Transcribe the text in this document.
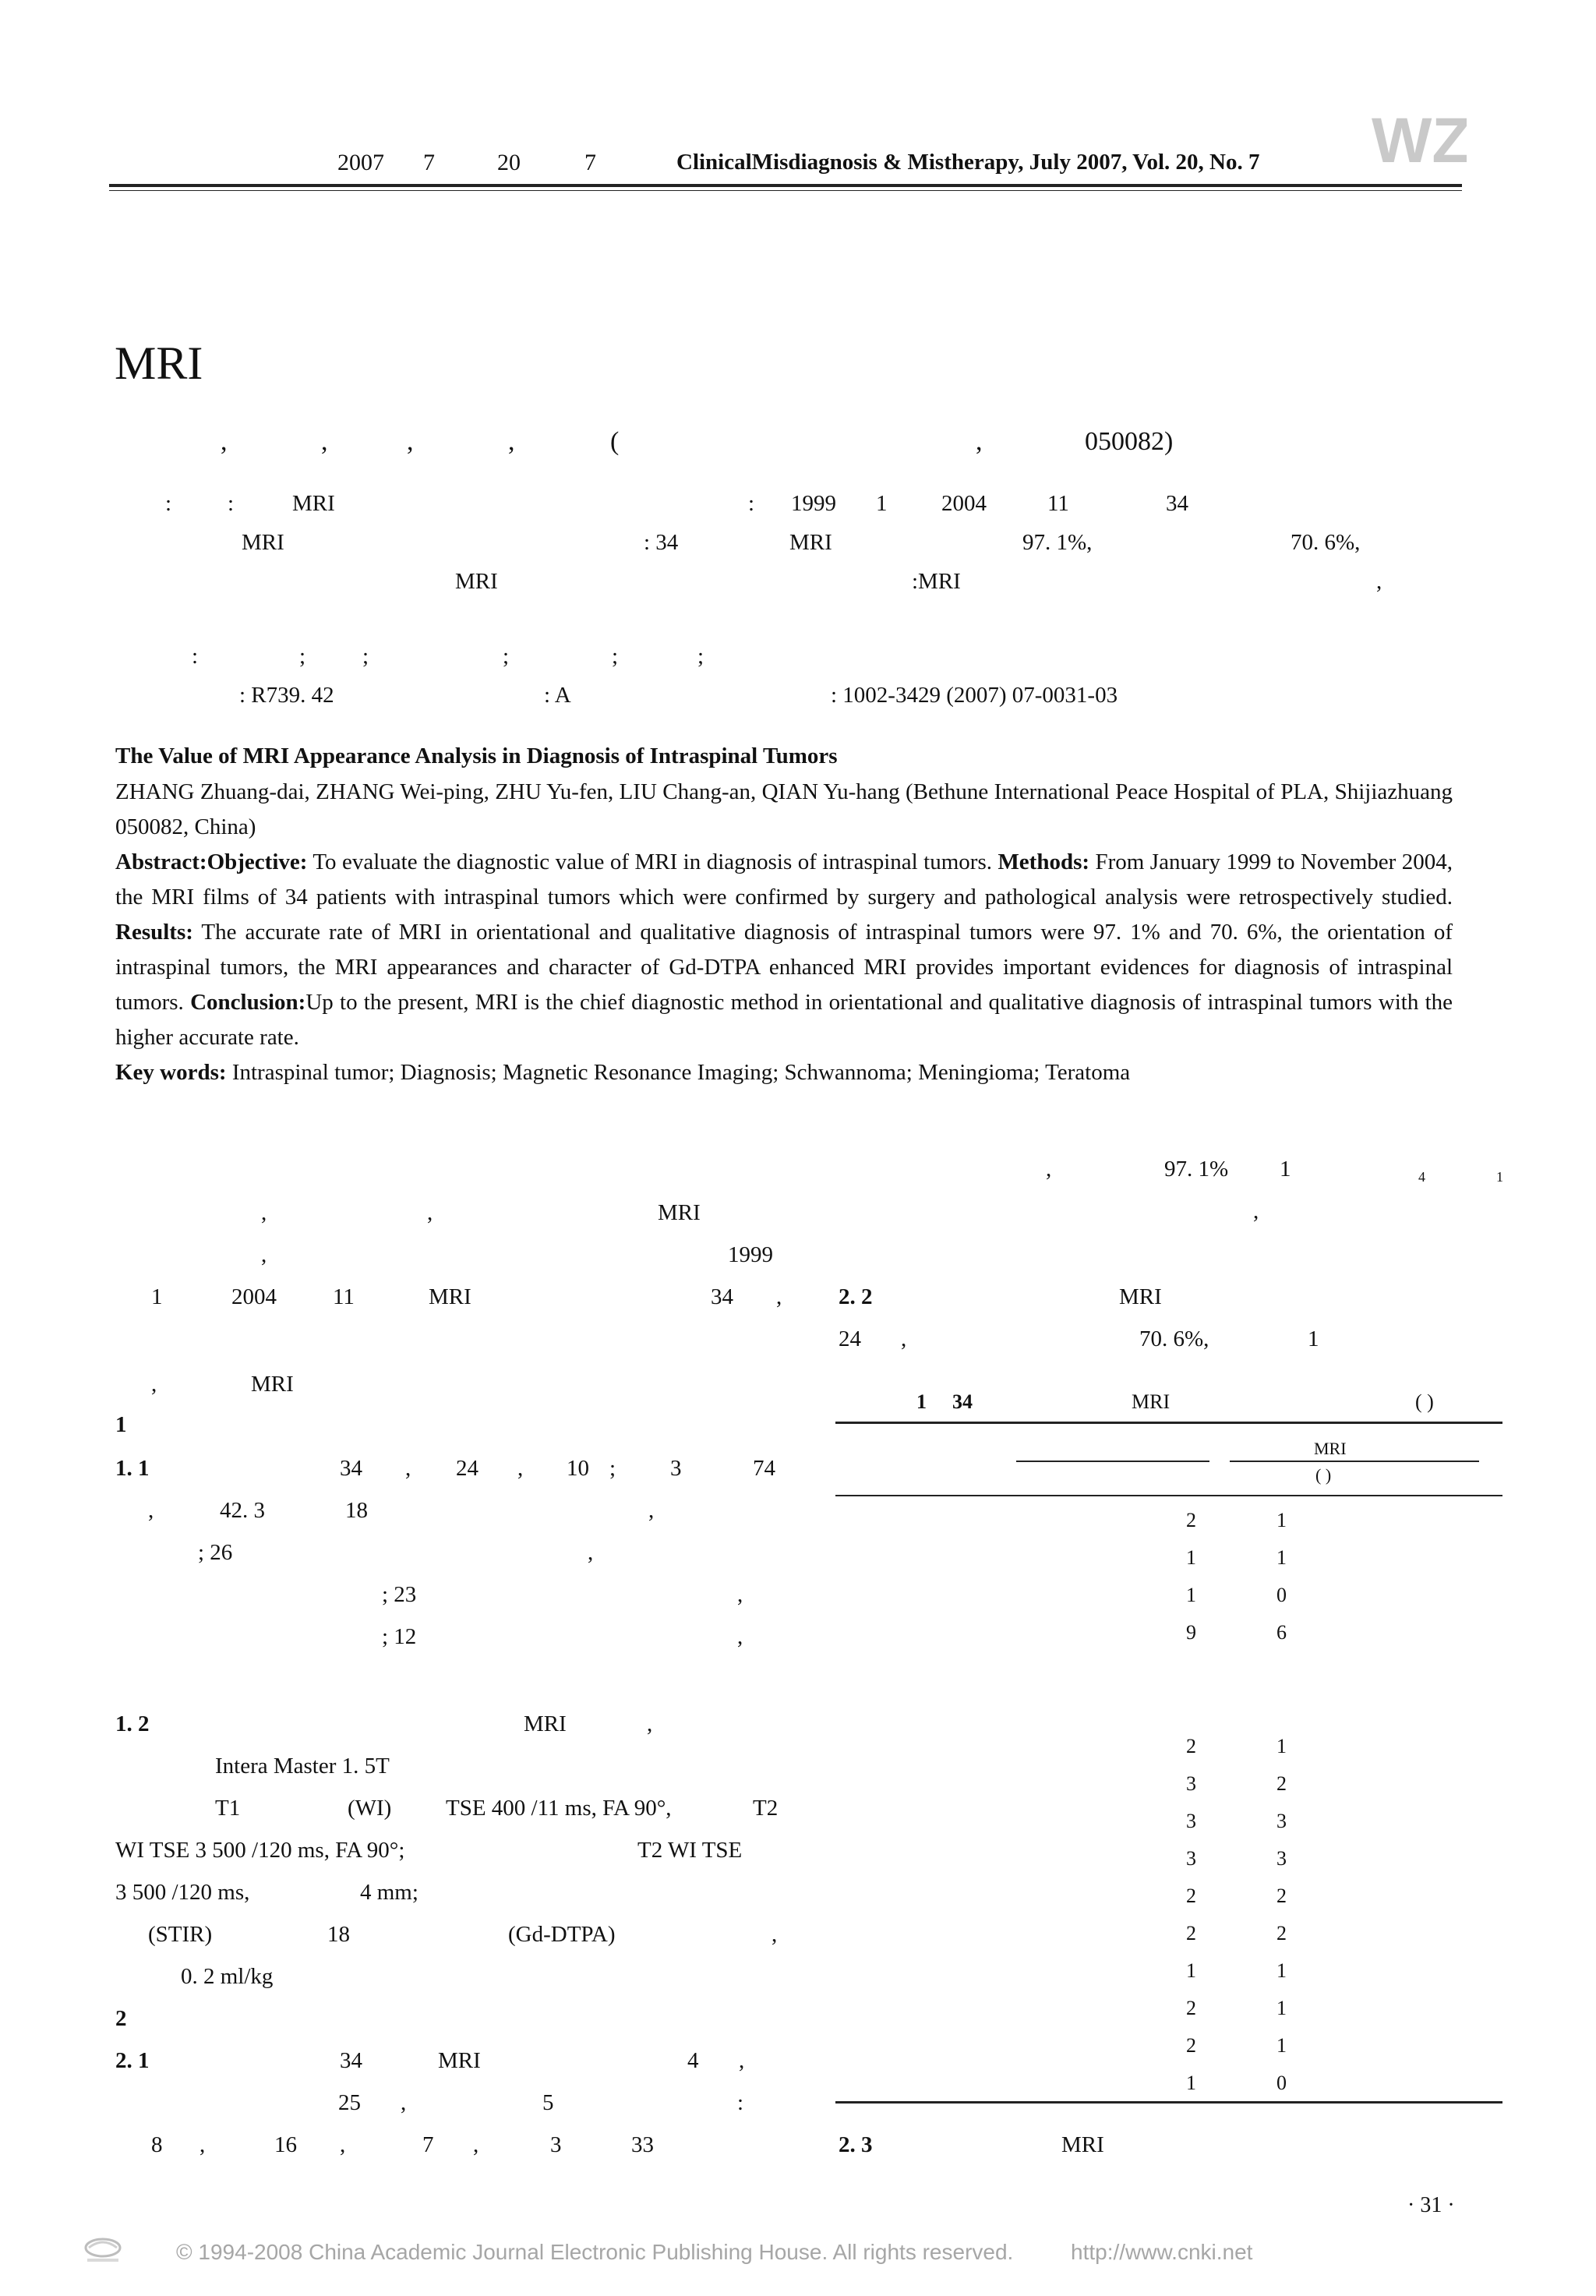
2007 7	20	7	ClinicalMisdiagnosis & Mistherapy, July 2007, Vol. 20, No. 7 WZ
MRI
,	,	,	,	(	,	050082)
: :	MRI	: 1999 1 2004	11	34
MRI	: 34	MRI	97. 1%,	70. 6%,
MRI	:MRI	,
:	;	;	;	;	;
: R739. 42	: A	: 1002-3429 (2007) 07-0031-03
The Value of MRI Appearance Analysis in Diagnosis of Intraspinal Tumors
ZHANG Zhuang-dai, ZHANG Wei-ping, ZHU Yu-fen, LIU Chang-an, QIAN Yu-hang (Bethune International Peace Hospital of PLA, Shijiazhuang 050082, China)
Abstract:Objective: To evaluate the diagnostic value of MRI in diagnosis of intraspinal tumors. Methods: From January 1999 to November 2004, the MRI films of 34 patients with intraspinal tumors which were confirmed by surgery and pathological analysis were retrospectively studied. Results: The accurate rate of MRI in orientational and qualitative diagnosis of intraspinal tumors were 97. 1% and 70. 6%, the orientation of intraspinal tumors, the MRI appearances and character of Gd-DTPA enhanced MRI provides important evidences for diagnosis of intraspinal tumors. Conclusion:Up to the present, MRI is the chief diagnostic method in orientational and qualitative diagnosis of intraspinal tumors with the higher accurate rate.
Key words: Intraspinal tumor; Diagnosis; Magnetic Resonance Imaging; Schwannoma; Meningioma; Teratoma
,	,	MRI
,	1999
1	2004 11	MRI	34 ,
,	MRI
1
1. 1	34 , 24 , 10 ; 3	74
,	42. 3	18	,
; 26	,
; 23	,
; 12	,
1. 2	MRI	,
Intera Master 1. 5T
T1	(WI) TSE 400 /11 ms, FA 90°,	T2
WI TSE 3 500 /120 ms, FA 90°;	T2 WI TSE
3 500 /120 ms,	4 mm;
(STIR)	18	(Gd-DTPA)	,
0. 2 ml/kg
2
2. 1	34	MRI	4 ,
25 ,	5	:
8 ,	16 ,	7 ,	3	33
,	97. 1% 1	4	1
,
2. 2	MRI
24 ,	70. 6%,	1
1 34	MRI	( )
MRI
( )
2	1
1	1
1	0
9	6
2	1
3	2
3	3
3	3
2	2
2	2
1	1
2	1
2	1
1	0
2. 3	MRI
· 31 ·
© 1994-2008 China Academic Journal Electronic Publishing House. All rights reserved.	http://www.cnki.net
